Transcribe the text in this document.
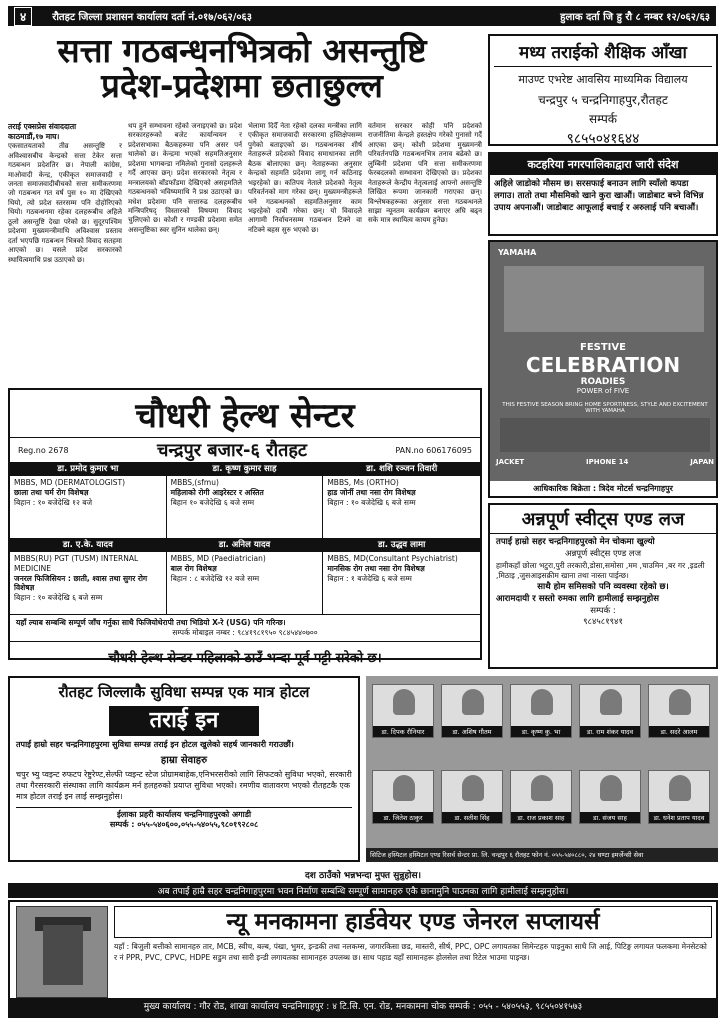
४	रौतहट जिल्ला प्रशासन कार्यालय दर्ता नं.०१७/०६२/०६३	हुलाक दर्ता जि हु रौ ८ नम्बर १२/०६२/६३
सत्ता गठबन्धनभित्रको असन्तुष्टि
प्रदेश-प्रदेशमा छताछुल्ल
तराई एक्सप्रेस संवाददाता
काठमाडौं,१७ माघ।

एकसातयताको तीव्र असन्तुष्टि र अविश्वासबीच केन्द्रको सत्ता टेकेर सत्ता गठबन्धन प्रदेशतिर छ। नेपाली कांग्रेस, माओवादी केन्द्र, एकीकृत समाजवादी र जनता समाजवादीबीचको सत्ता समीकरणमा जो गठबन्धन गत वर्ष पुस १० मा देखिएको थियो, त्यो प्रदेश स्तरसम्म पनि दोहोरिएको थियो। गठबन्धनमा रहेका दलहरूबीच अहिले ठूलो असन्तुष्टि देखा परेको छ। सुदूरपश्चिम प्रदेशमा मुख्यमन्त्रीमाथि अविश्वास प्रस्ताव दर्ता भएपछि गठबन्धन भित्रको विवाद सतहमा आएको छ। यसले प्रदेश सरकारको स्थायित्वमाथि प्रश्न उठाएको छ।

थप हुने सम्भावना रहेको जनाइएको छ। प्रदेश सरकारहरूको बजेट कार्यान्वयन र प्रदेशसभाका बैठकहरूमा पनि असर पर्न थालेको छ। केन्द्रमा भएको सहमतिअनुसार प्रदेशमा भागबन्डा नमिलेको गुनासो दलहरूले गर्दै आएका छन्। प्रदेश सरकारको नेतृत्व र मन्त्रालयको बाँडफाँडमा देखिएको असहमतिले गठबन्धनको भविष्यमाथि नै प्रश्न उठाएको छ। मधेश प्रदेशमा पनि सत्तारुढ दलहरूबीच मन्त्रिपरिषद् विस्तारको विषयमा विवाद चुलिएको छ। कोशी र गण्डकी प्रदेशमा समेत असन्तुष्टिका स्वर सुनिन थालेका छन्।

भेलामा दिदैँ नेता रहेको दलका मन्त्रीका लागि एकीकृत समाजवादी सरकारमा हस्तिक्षेपसम्म पुगेको बताइएको छ। गठबन्धनका शीर्ष नेताहरूले प्रदेशको विवाद समाधानका लागि बैठक बोलाएका छन्। नेताहरूका अनुसार केन्द्रको सहमति प्रदेशमा लागू गर्न कठिनाइ भइरहेको छ। कतिपय नेताले प्रदेशको नेतृत्व परिवर्तनको माग गरेका छन्। मुख्यमन्त्रीहरूले भने गठबन्धनको सहमतिअनुसार काम भइरहेको दाबी गरेका छन्। यो विवादले आगामी निर्वाचनसम्म गठबन्धन टिक्ने वा नटिक्ने बहस सुरु भएको छ।

वर्तमान सरकार कोही पनि प्रदेशको राजनीतिमा केन्द्रले हस्तक्षेप गरेको गुनासो गर्दै आएका छन्। कोशी प्रदेशमा मुख्यमन्त्री परिवर्तनपछि गठबन्धनभित्र तनाव बढेको छ। लुम्बिनी प्रदेशमा पनि सत्ता समीकरणमा फेरबदलको सम्भावना देखिएको छ। प्रदेशका नेताहरूले केन्द्रीय नेतृत्वलाई आफ्नो असन्तुष्टि लिखित रूपमा जानकारी गराएका छन्। विश्लेषकहरूका अनुसार सत्ता गठबन्धनले साझा न्यूनतम कार्यक्रम बनाएर अघि बढ्न सके मात्र स्थायित्व कायम हुनेछ।

मध्य तराईको शैक्षिक आँखा
माउण्ट एभरेष्ट आवसिय माध्यमिक विद्यालय
चन्द्रपुर ५ चन्द्रनिगाहपुर,रौतहट
सम्पर्क
९८५५०४१६४४
कटहरिया नगरपालिकाद्वारा जारी संदेश
अहिले जाडोको मौसम छ। सरसफाई बनाउन लागि स्याँलो कपडा लगाउ। तातो तथा मौसमिको खाने कुरा खाऔं। जाडोबाट बच्ने विभिन्न उपाय अपनाऔं। जाडोबाट आफूलाई बचाई र अरुलाई पनि बचाऔं।
YAMAHA
FESTIVE
CELEBRATION
ROADIES
POWER of FIVE
THIS FESTIVE SEASON BRING HOME SPORTINESS, STYLE AND EXCITEMENT WITH YAMAHA
JACKET	IPHONE 14	JAPAN
आधिकारिक बिक्रेता : त्रिदेव मोटर्स चन्द्रनिगाहपुर
अन्नपूर्ण स्वीट्स एण्ड लज
तपाईं हाम्रो सहर चन्द्रनिगाहपुरको मेन चोकमा खुल्यो
अन्नपूर्ण स्वीट्स एण्ड लज
हामीकहाँ छोला भटुरा,पुरी तरकारी,डोसा,समोसा ,मम ,चाउमिन ,बर गर ,इडली ,मिठाइ ,जुसआइसक्रीम खाना तथा नास्ता पाईन्छ।
साथै होम समिसको पनि व्यवस्था रहेको छ।
आरामदायी र सस्तो रुमका लागि हामीलाई सम्झनुहोस
सम्पर्क :
९८४५८१९४१
चौधरी हेल्थ सेन्टर
Reg.no 2678	चन्द्रपुर बजार-६ रौतहट	PAN.no 606176095
डा. प्रमोद कुमार भा
MBBS, MD (DERMATOLOGIST)
छाला तथा चर्म रोग विशेषज्ञ
बिहान : १० बजेदेखि १२ बजे
डा. कृष्ण कुमार साह
MBBS,(sfmu)
महिलाको रोगी आइरेस्टर र अस्तित
बिहान १० बजेदेखि ६ बजे सम्म
डा. शशि रञ्जन तिवारी
MBBS, Ms (ORTHO)
हाड जोर्नी तथा नसा रोग विशेषज्ञ
बिहान : १० बजेदेखि ६ बजे सम्म
डा. ए.के. यादव
MBBS(RU) PGT (TUSM) INTERNAL MEDICINE
जनरल फिजिसियन : छाती, श्वास तथा सुगर रोग विशेषज्ञ
बिहान : १० बजेदेखि ६ बजे सम्म
डा. अनिल यादव
MBBS, MD (Paediatrician)
बाल रोग विशेषज्ञ
बिहान : ८ बजेदेखि १२ बजे सम्म
डा. उद्धव लामा
MBBS, MD(Consultant Psychiatrist)
मानसिक रोग तथा नसा रोग विशेषज्ञ
बिहान : १ बजेदेखि ६ बजे सम्म
यहाँ ल्याब सम्बन्धि सम्पूर्ण जाँच गर्नुका साथै फिजियोथेरापी तथा भिडियो X-रे (USG) पनि गरिन्छ।
सम्पर्क मोबाइल नम्बर : ९८४१९८१९५० ९८४५४४०७००
चौधरी हेल्थ सेन्टर पहिलाको ठाउँ भन्दा पूर्व पट्टी सरेको छ।
रौतहट जिल्लाकै सुविधा सम्पन्न एक मात्र होटल
तराई इन
तपाईं हाम्रो सहर चन्द्रनिगाहपुरमा सुविधा सम्पन्न तराई इन होटल खुलेको सहर्ष जानकारी गराउछौं।
हाम्रा सेवाहरु
चपुर भ्यु प्वइन्ट रुफटप रेष्टुरेण्ट,सेल्फी प्वइन्ट स्टेज प्रोग्रामबाहेक,एनिभरसरीको लागि सिफटको सुविधा भएको, सरकारी तथा गैरसरकारी संस्थाका लागि कार्यक्रम मर्न हलहरुको प्रयाप्त सुविधा भएको। रमणीय वातावरण भएको रौतहटकै एक मात्र होटल तराई इन लाई सम्झनुहोस।
ईलाका प्रहरी कार्यालय चन्द्रनिगाहपुरको अगाडी
सम्पर्क : ०५५-५४०६००,०५५-५४०५५,९८०१९२८०८
डा. दिपक रौनियार	डा. अशिष गौतम	डा. कृष्ण कु. भा	डा. राम शंकर यादव	डा. सदरे आलम
डा. जितेश ठाकुर	डा. सतीश सिंह	डा. राज प्रकाश साह	डा. संजय साह	डा. धनेश प्रताप यादव
सिटिज हस्पिटल हस्पिटल एण्ड रिसर्च सेन्टर प्रा. लि. चन्द्रपुर ६ रौतहट फोन नं. ०५५-५४०८८०, २४ घण्टा इमर्जेन्सी सेवा
दश ठाउँको भन्नभन्दा मुफ्त सुन्नुहोस।
अब तपाईं हाम्रै सहर चन्द्रनिगाहपुरमा भवन निर्माण सम्बन्धि सम्पूर्ण सामानहरु एकै छानामुनि पाउनका लागि हामीलाई सम्झनुहोस।
न्यू मनकामना हार्डवेयर एण्ड जेनरल सप्लायर्स
यहाँ : बिजुली बत्तीको सामानहरु तार, MCB, स्वीच, बल्ब, पंखा, भुमर, इन्डकी तथा नलकम्स, जगारकिसा छड, मास्तरी, सीर्ष, PPC, OPC लगायतका सिमेन्टहरु पाइनुका साथै जि आई, पिटिङ्ग लगायत फलकमा मेनसेटको र नं PPR, PVC, CPVC, HDPE सडुम तथा सारी इन्डी लगायतका सामानहरु उपलब्ध छ। साथ पहाड यहाँ सामानहरू होलसेल तथा रिटेल भाउमा पाइन्छ।
मुख्य कार्यालय : गौर रोड, शाखा कार्यालय चन्द्रनिगाहपुर : ४ टि.सि. एन. रोड, मनकामना चोक सम्पर्क : ०५५ - ५४०५५३, ९८५५०४१५७३
